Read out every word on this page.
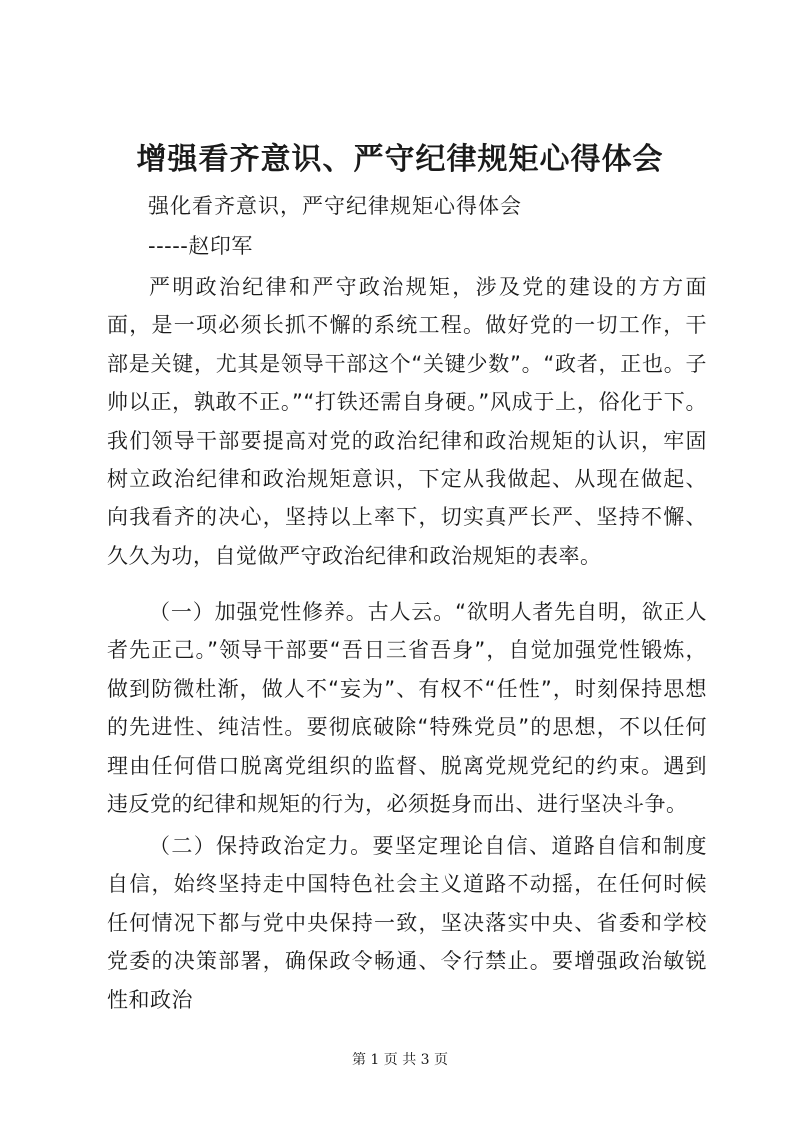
增强看齐意识、严守纪律规矩心得体会
强化看齐意识，严守纪律规矩心得体会
-----赵印军

严明政治纪律和严守政治规矩，涉及党的建设的方方面面，是一项必须长抓不懈的系统工程。做好党的一切工作，干部是关键，尤其是领导干部这个“关键少数”。“政者，正也。子帅以正，孰敢不正。”“打铁还需自身硬。”风成于上，俗化于下。我们领导干部要提高对党的政治纪律和政治规矩的认识，牢固树立政治纪律和政治规矩意识，下定从我做起、从现在做起、向我看齐的决心，坚持以上率下，切实真严长严、坚持不懈、久久为功，自觉做严守政治纪律和政治规矩的表率。

（一）加强党性修养。古人云。“欲明人者先自明，欲正人者先正己。”领导干部要“吾日三省吾身”，自觉加强党性锻炼，做到防微杜渐，做人不“妄为”、有权不“任性”，时刻保持思想的先进性、纯洁性。要彻底破除“特殊党员”的思想，不以任何理由任何借口脱离党组织的监督、脱离党规党纪的约束。遇到违反党的纪律和规矩的行为，必须挺身而出、进行坚决斗争。

（二）保持政治定力。要坚定理论自信、道路自信和制度自信，始终坚持走中国特色社会主义道路不动摇，在任何时候任何情况下都与党中央保持一致，坚决落实中央、省委和学校党委的决策部署，确保政令畅通、令行禁止。要增强政治敏锐性和政治

第 1 页 共 3 页
